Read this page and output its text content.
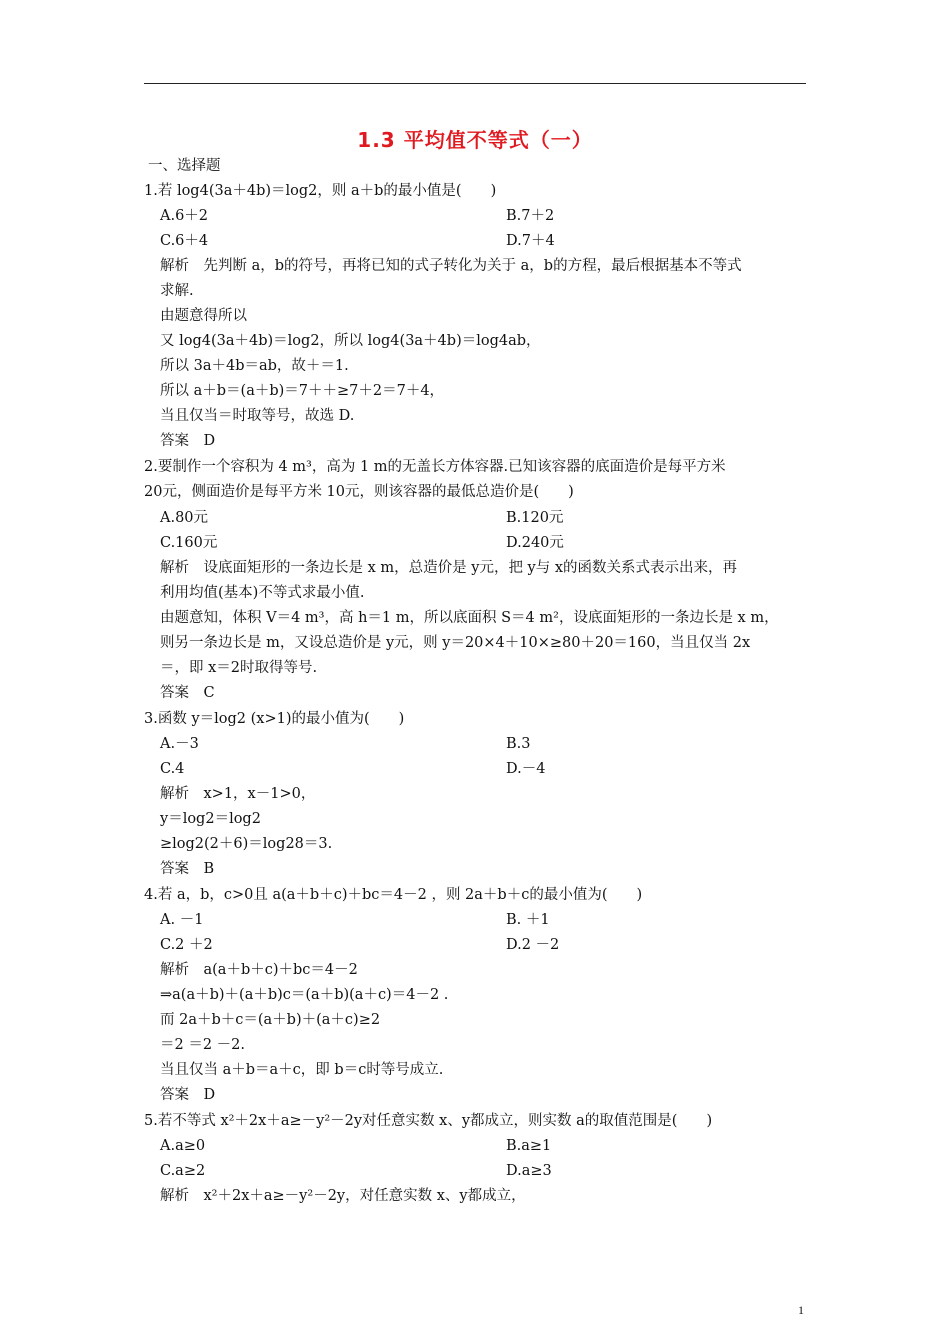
1.3 平均值不等式（一）
一、选择题
1.若 log4(3a＋4b)＝log2，则 a＋b的最小值是(　　)
A.6＋2	B.7＋2
C.6＋4	D.7＋4
解析　先判断 a，b的符号，再将已知的式子转化为关于 a，b的方程，最后根据基本不等式
求解.
由题意得所以
又 log4(3a＋4b)＝log2，所以 log4(3a＋4b)＝log4ab，
所以 3a＋4b＝ab，故＋＝1.
所以 a＋b＝(a＋b)＝7＋＋≥7＋2＝7＋4，
当且仅当＝时取等号，故选 D.
答案　D
2.要制作一个容积为 4 m³，高为 1 m的无盖长方体容器.已知该容器的底面造价是每平方米
20元，侧面造价是每平方米 10元，则该容器的最低总造价是(　　)
A.80元	B.120元
C.160元	D.240元
解析　设底面矩形的一条边长是 x m，总造价是 y元，把 y与 x的函数关系式表示出来，再
利用均值(基本)不等式求最小值.
由题意知，体积 V＝4 m³，高 h＝1 m，所以底面积 S＝4 m²，设底面矩形的一条边长是 x m，
则另一条边长是 m，又设总造价是 y元，则 y＝20×4＋10×≥80＋20＝160，当且仅当 2x
＝，即 x＝2时取得等号.
答案　C
3.函数 y＝log2 (x>1)的最小值为(　　)
A.－3	B.3
C.4	D.－4
解析　x>1，x－1>0，
y＝log2＝log2
≥log2(2＋6)＝log28＝3.
答案　B
4.若 a，b，c>0且 a(a＋b＋c)＋bc＝4－2 ，则 2a＋b＋c的最小值为(　　)
A. －1	B. ＋1
C.2 ＋2	D.2 －2
解析　a(a＋b＋c)＋bc＝4－2
⇒a(a＋b)＋(a＋b)c＝(a＋b)(a＋c)＝4－2 .
而 2a＋b＋c＝(a＋b)＋(a＋c)≥2
＝2 ＝2 －2.
当且仅当 a＋b＝a＋c，即 b＝c时等号成立.
答案　D
5.若不等式 x²＋2x＋a≥－y²－2y对任意实数 x、y都成立，则实数 a的取值范围是(　　)
A.a≥0	B.a≥1
C.a≥2	D.a≥3
解析　x²＋2x＋a≥－y²－2y，对任意实数 x、y都成立，
1
